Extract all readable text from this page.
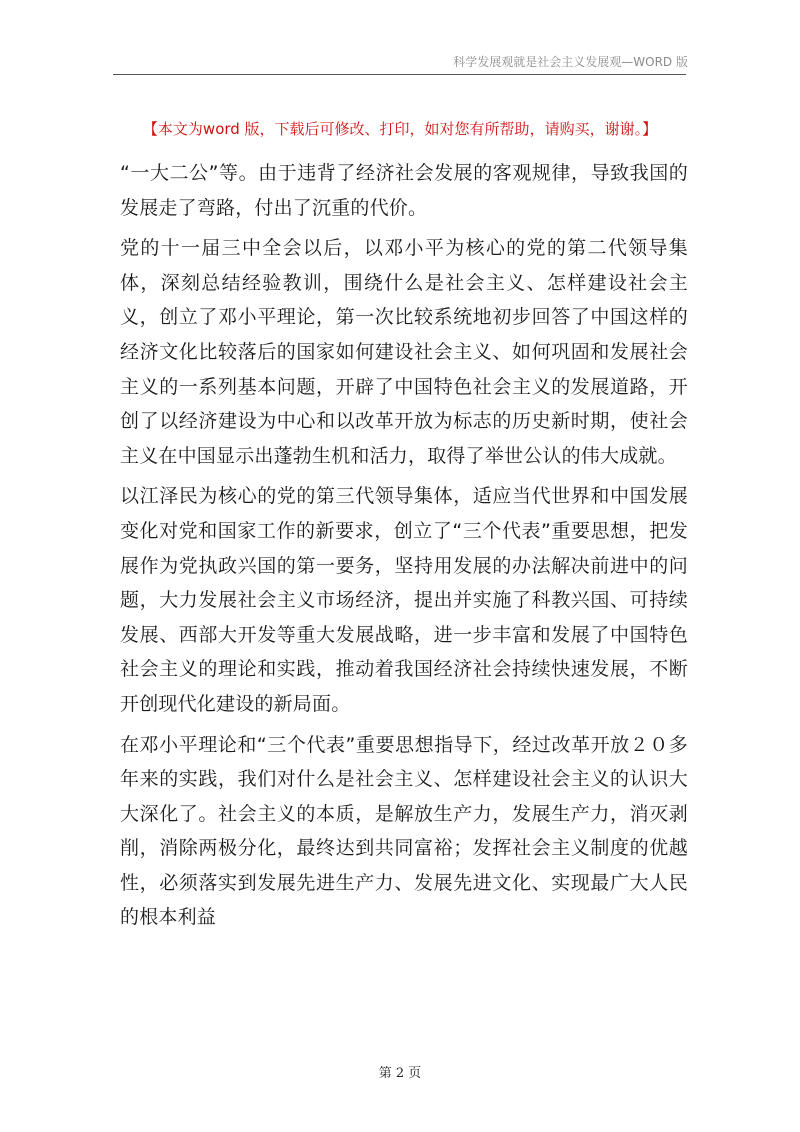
科学发展观就是社会主义发展观—WORD 版
【本文为word 版，下载后可修改、打印，如对您有所帮助，请购买，谢谢。】

“一大二公”等。由于违背了经济社会发展的客观规律，导致我国的发展走了弯路，付出了沉重的代价。

党的十一届三中全会以后，以邓小平为核心的党的第二代领导集体，深刻总结经验教训，围绕什么是社会主义、怎样建设社会主义，创立了邓小平理论，第一次比较系统地初步回答了中国这样的经济文化比较落后的国家如何建设社会主义、如何巩固和发展社会主义的一系列基本问题，开辟了中国特色社会主义的发展道路，开创了以经济建设为中心和以改革开放为标志的历史新时期，使社会主义在中国显示出蓬勃生机和活力，取得了举世公认的伟大成就。

以江泽民为核心的党的第三代领导集体，适应当代世界和中国发展变化对党和国家工作的新要求，创立了“三个代表”重要思想，把发展作为党执政兴国的第一要务，坚持用发展的办法解决前进中的问题，大力发展社会主义市场经济，提出并实施了科教兴国、可持续发展、西部大开发等重大发展战略，进一步丰富和发展了中国特色社会主义的理论和实践，推动着我国经济社会持续快速发展，不断开创现代化建设的新局面。

在邓小平理论和“三个代表”重要思想指导下，经过改革开放２０多年来的实践，我们对什么是社会主义、怎样建设社会主义的认识大大深化了。社会主义的本质，是解放生产力，发展生产力，消灭剥削，消除两极分化，最终达到共同富裕；发挥社会主义制度的优越性，必须落实到发展先进生产力、发展先进文化、实现最广大人民的根本利益

第 2 页
